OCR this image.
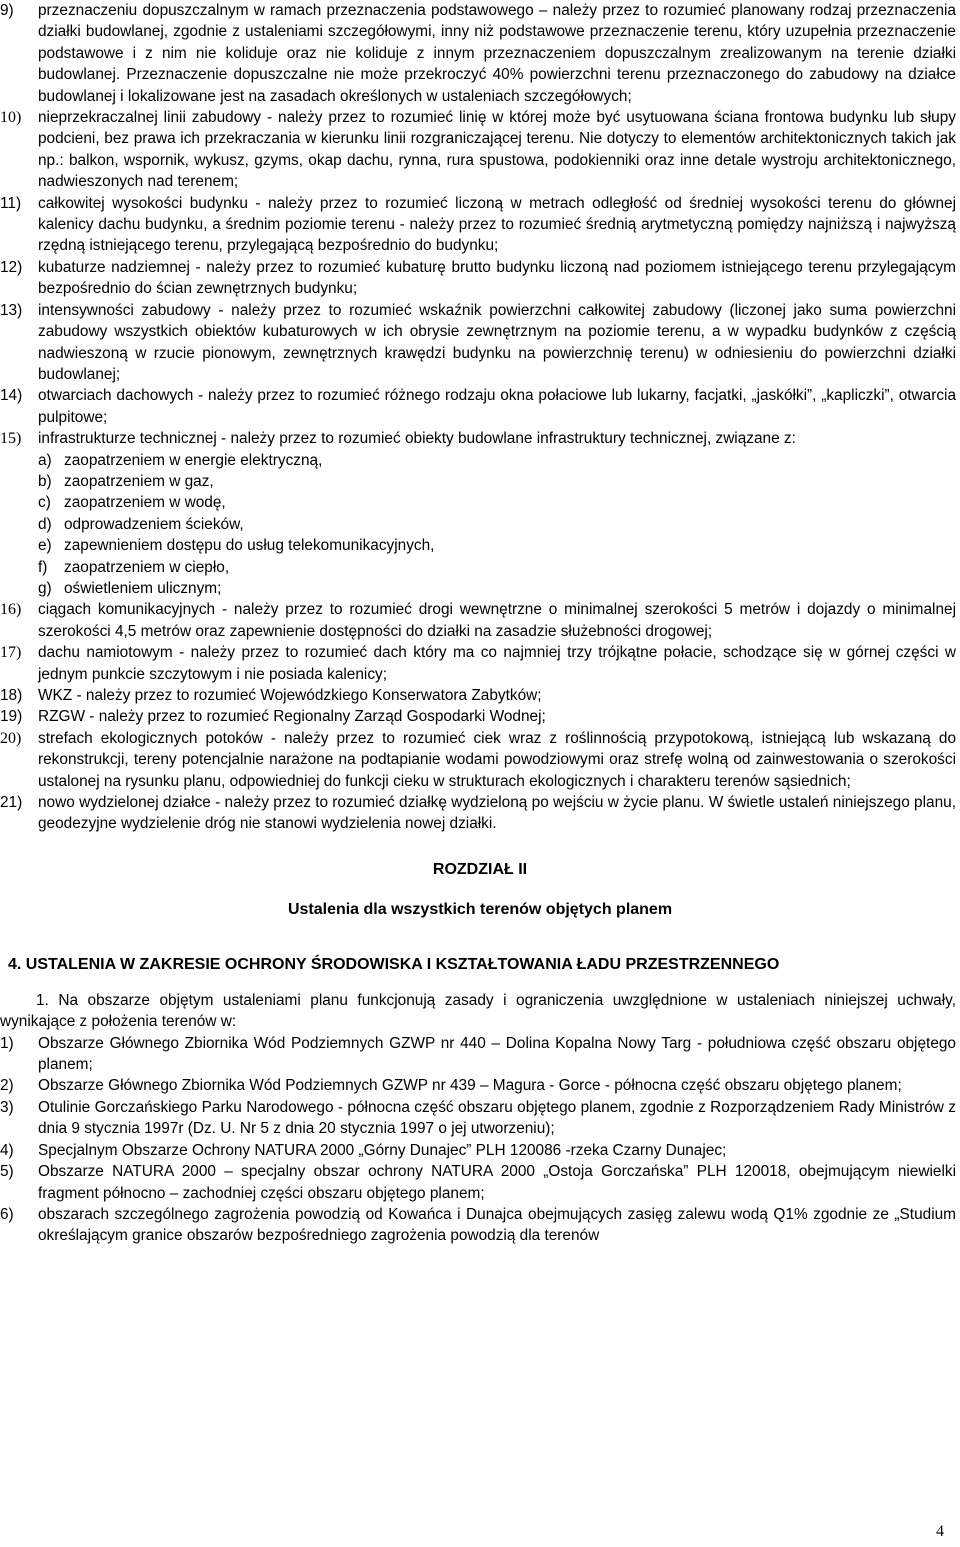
9) przeznaczeniu dopuszczalnym w ramach przeznaczenia podstawowego – należy przez to rozumieć planowany rodzaj przeznaczenia działki budowlanej, zgodnie z ustaleniami szczegółowymi, inny niż podstawowe przeznaczenie terenu, który uzupełnia przeznaczenie podstawowe i z nim nie koliduje oraz nie koliduje z innym przeznaczeniem dopuszczalnym zrealizowanym na terenie działki budowlanej. Przeznaczenie dopuszczalne nie może przekroczyć 40% powierzchni terenu przeznaczonego do zabudowy na działce budowlanej i lokalizowane jest na zasadach określonych w ustaleniach szczegółowych;
10) nieprzekraczalnej linii zabudowy - należy przez to rozumieć linię w której może być usytuowana ściana frontowa budynku lub słupy podcieni, bez prawa ich przekraczania w kierunku linii rozgraniczającej terenu. Nie dotyczy to elementów architektonicznych takich jak np.: balkon, wspornik, wykusz, gzyms, okap dachu, rynna, rura spustowa, podokienniki oraz inne detale wystroju architektonicznego, nadwieszonych nad terenem;
11) całkowitej wysokości budynku - należy przez to rozumieć liczoną w metrach odległość od średniej wysokości terenu do głównej kalenicy dachu budynku, a średnim poziomie terenu - należy przez to rozumieć średnią arytmetyczną pomiędzy najniższą i najwyższą rzędną istniejącego terenu, przylegającą bezpośrednio do budynku;
12) kubaturze nadziemnej - należy przez to rozumieć kubaturę brutto budynku liczoną nad poziomem istniejącego terenu przylegającym bezpośrednio do ścian zewnętrznych budynku;
13) intensywności zabudowy - należy przez to rozumieć wskaźnik powierzchni całkowitej zabudowy (liczonej jako suma powierzchni zabudowy wszystkich obiektów kubaturowych w ich obrysie zewnętrznym na poziomie terenu, a w wypadku budynków z częścią nadwieszoną w rzucie pionowym, zewnętrznych krawędzi budynku na powierzchnię terenu) w odniesieniu do powierzchni działki budowlanej;
14) otwarciach dachowych - należy przez to rozumieć różnego rodzaju okna połaciowe lub lukarny, facjatki, „jaskółki”, „kapliczki”, otwarcia pulpitowe;
15) infrastrukturze technicznej - należy przez to rozumieć obiekty budowlane infrastruktury technicznej, związane z:
a) zaopatrzeniem w energie elektryczną,
b) zaopatrzeniem w gaz,
c) zaopatrzeniem w wodę,
d) odprowadzeniem ścieków,
e) zapewnieniem dostępu do usług telekomunikacyjnych,
f) zaopatrzeniem w ciepło,
g) oświetleniem ulicznym;
16) ciągach komunikacyjnych - należy przez to rozumieć drogi wewnętrzne o minimalnej szerokości 5 metrów i dojazdy o minimalnej szerokości 4,5 metrów oraz zapewnienie dostępności do działki na zasadzie służebności drogowej;
17) dachu namiotowym - należy przez to rozumieć dach który ma co najmniej trzy trójkątne połacie, schodzące się w górnej części w jednym punkcie szczytowym i nie posiada kalenicy;
18) WKZ - należy przez to rozumieć Wojewódzkiego Konserwatora Zabytków;
19) RZGW - należy przez to rozumieć Regionalny Zarząd Gospodarki Wodnej;
20) strefach ekologicznych potoków - należy przez to rozumieć ciek wraz z roślinnością przypotokową, istniejącą lub wskazaną do rekonstrukcji, tereny potencjalnie narażone na podtapianie wodami powodziowymi oraz strefę wolną od zainwestowania o szerokości ustalonej na rysunku planu, odpowiedniej do funkcji cieku w strukturach ekologicznych i charakteru terenów sąsiednich;
21) nowo wydzielonej działce - należy przez to rozumieć działkę wydzieloną po wejściu w życie planu. W świetle ustaleń niniejszego planu, geodezyjne wydzielenie dróg nie stanowi wydzielenia nowej działki.
ROZDZIAŁ II
Ustalenia dla wszystkich terenów objętych planem
4. USTALENIA W ZAKRESIE OCHRONY ŚRODOWISKA I KSZTAŁTOWANIA ŁADU PRZESTRZENNEGO
1. Na obszarze objętym ustaleniami planu funkcjonują zasady i ograniczenia uwzględnione w ustaleniach niniejszej uchwały, wynikające z położenia terenów w:
1) Obszarze Głównego Zbiornika Wód Podziemnych GZWP nr 440 – Dolina Kopalna Nowy Targ - południowa część obszaru objętego planem;
2) Obszarze Głównego Zbiornika Wód Podziemnych GZWP nr 439 – Magura - Gorce - północna część obszaru objętego planem;
3) Otulinie Gorczańskiego Parku Narodowego - północna część obszaru objętego planem, zgodnie z Rozporządzeniem Rady Ministrów z dnia 9 stycznia 1997r (Dz. U. Nr 5 z dnia 20 stycznia 1997 o jej utworzeniu);
4) Specjalnym Obszarze Ochrony NATURA 2000 „Górny Dunajec” PLH 120086 -rzeka Czarny Dunajec;
5) Obszarze NATURA 2000 – specjalny obszar ochrony NATURA 2000 „Ostoja Gorczańska” PLH 120018, obejmującym niewielki fragment północno – zachodniej części obszaru objętego planem;
6) obszarach szczególnego zagrożenia powodzią od Kowańca i Dunajca obejmujących zasięg zalewu wodą Q1% zgodnie ze „Studium określającym granice obszarów bezpośredniego zagrożenia powodzią dla terenów
4
